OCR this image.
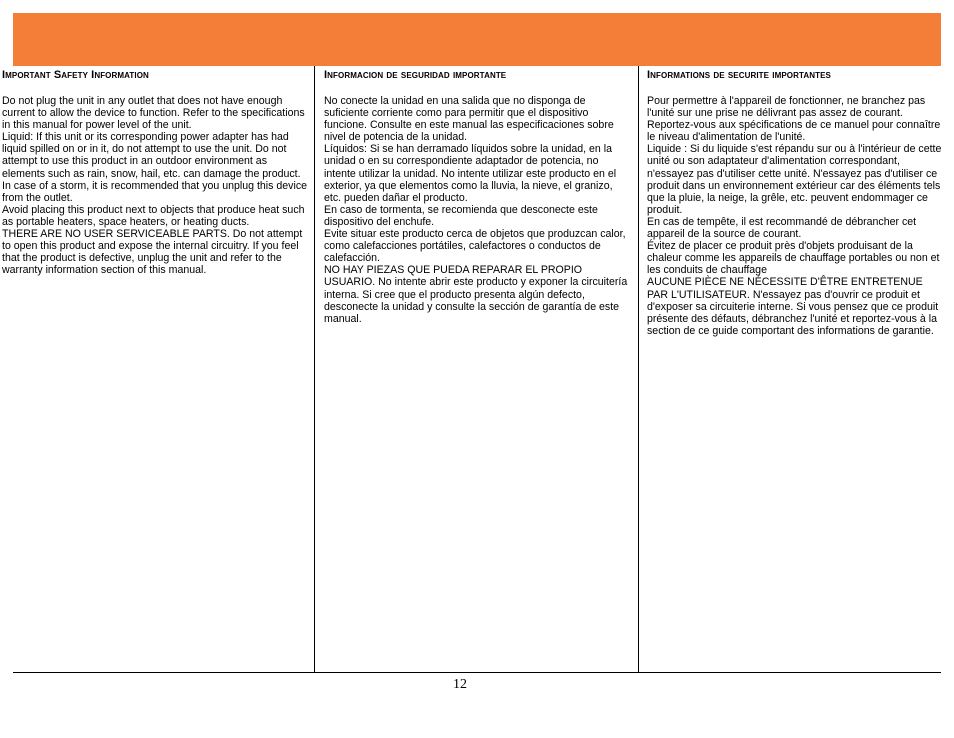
Important Safety Information
Do not plug the unit in any outlet that does not have enough current to allow the device to function. Refer to the specifications in this manual for power level of the unit.
Liquid: If this unit or its corresponding power adapter has had liquid spilled on or in it, do not attempt to use the unit. Do not attempt to use this product in an outdoor environment as elements such as rain, snow, hail, etc. can damage the product.
In case of a storm, it is recommended that you unplug this device from the outlet.
Avoid placing this product next to objects that produce heat such as portable heaters, space heaters, or heating ducts.
THERE ARE NO USER SERVICEABLE PARTS. Do not attempt to open this product and expose the internal circuitry. If you feel that the product is defective, unplug the unit and refer to the warranty information section of this manual.
Informacion de seguridad importante
No conecte la unidad en una salida que no disponga de suficiente corriente como para permitir que el dispositivo funcione. Consulte en este manual las especificaciones sobre nivel de potencia de la unidad.
Líquidos: Si se han derramado líquidos sobre la unidad, en la unidad o en su correspondiente adaptador de potencia, no intente utilizar la unidad. No intente utilizar este producto en el exterior, ya que elementos como la lluvia, la nieve, el granizo, etc. pueden dañar el producto.
En caso de tormenta, se recomienda que desconecte este dispositivo del enchufe.
Evite situar este producto cerca de objetos que produzcan calor, como calefacciones portátiles, calefactores o conductos de calefacción.
NO HAY PIEZAS QUE PUEDA REPARAR EL PROPIO USUARIO. No intente abrir este producto y exponer la circuitería interna. Si cree que el producto presenta algún defecto, desconecte la unidad y consulte la sección de garantía de este manual.
Informations de securite importantes
Pour permettre à l'appareil de fonctionner, ne branchez pas l'unité sur une prise ne délivrant pas assez de courant. Reportez-vous aux spécifications de ce manuel pour connaître le niveau d'alimentation de l'unité.
Liquide : Si du liquide s'est répandu sur ou à l'intérieur de cette unité ou son adaptateur d'alimentation correspondant, n'essayez pas d'utiliser cette unité. N'essayez pas d'utiliser ce produit dans un environnement extérieur car des éléments tels que la pluie, la neige, la grêle, etc. peuvent endommager ce produit.
En cas de tempête, il est recommandé de débrancher cet appareil de la source de courant.
Évitez de placer ce produit près d'objets produisant de la chaleur comme les appareils de chauffage portables ou non et les conduits de chauffage
AUCUNE PIÈCE NE NÉCESSITE D'ÊTRE ENTRETENUE PAR L'UTILISATEUR. N'essayez pas d'ouvrir ce produit et d'exposer sa circuiterie interne. Si vous pensez que ce produit présente des défauts, débranchez l'unité et reportez-vous à la section de ce guide comportant des informations de garantie.
12
